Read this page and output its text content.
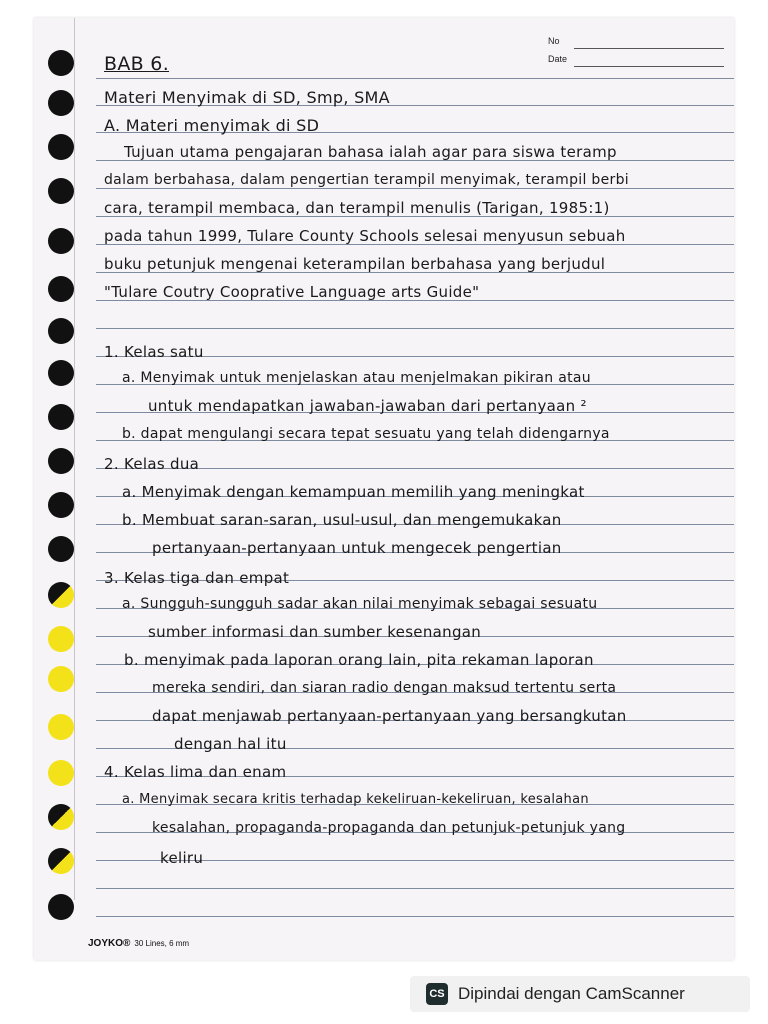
No
Date
BAB 6.
Materi Menyimak di SD, Smp, SMA
A. Materi menyimak di SD
Tujuan utama pengajaran bahasa ialah agar para siswa teramp
dalam berbahasa, dalam pengertian terampil menyimak, terampil berbi
cara, terampil membaca, dan terampil menulis (Tarigan, 1985:1)
pada tahun 1999, Tulare County Schools selesai menyusun sebuah
buku petunjuk mengenai keterampilan berbahasa yang berjudul
"Tulare Coutry Cooprative Language arts Guide"
1. Kelas satu
a. Menyimak untuk menjelaskan atau menjelmakan pikiran atau
untuk mendapatkan jawaban-jawaban dari pertanyaan ²
b. dapat mengulangi secara tepat sesuatu yang telah didengarnya
2. Kelas dua
a. Menyimak dengan kemampuan memilih yang meningkat
b. Membuat saran-saran, usul-usul, dan mengemukakan
pertanyaan-pertanyaan untuk mengecek pengertian
3. Kelas tiga dan empat
a. Sungguh-sungguh sadar akan nilai menyimak sebagai sesuatu
sumber informasi dan sumber kesenangan
b. menyimak pada laporan orang lain, pita rekaman laporan
mereka sendiri, dan siaran radio dengan maksud tertentu serta
dapat menjawab pertanyaan-pertanyaan yang bersangkutan
dengan hal itu
4. Kelas lima dan enam
a. Menyimak secara kritis terhadap kekeliruan-kekeliruan, kesalahan
kesalahan, propaganda-propaganda dan petunjuk-petunjuk yang
keliru
JOYKO® 30 Lines, 6 mm
CS Dipindai dengan CamScanner
